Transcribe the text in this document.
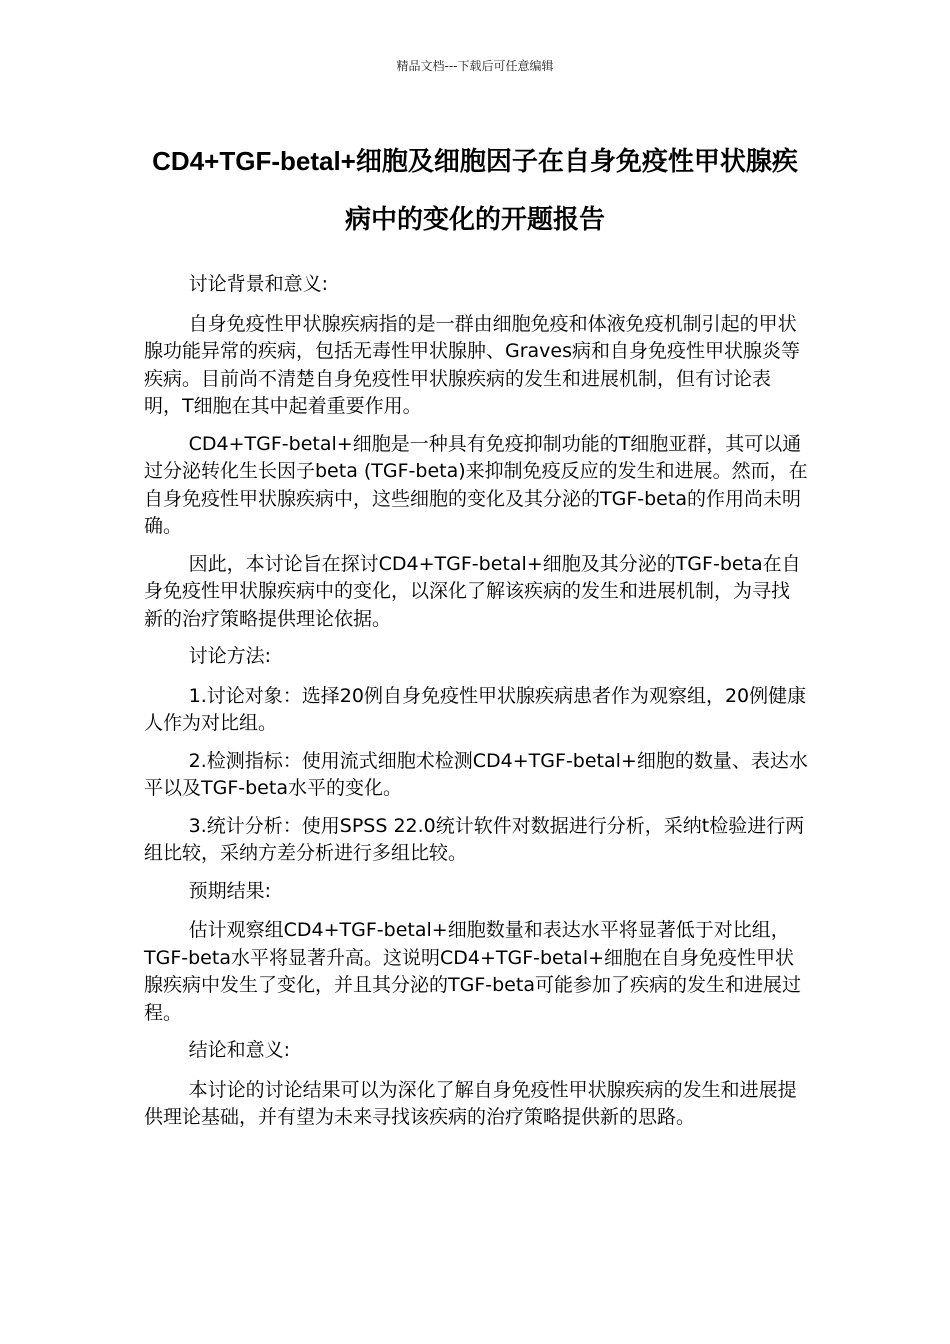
精品文档---下载后可任意编辑
CD4+TGF-betal+细胞及细胞因子在自身免疫性甲状腺疾病中的变化的开题报告

讨论背景和意义:

自身免疫性甲状腺疾病指的是一群由细胞免疫和体液免疫机制引起的甲状腺功能异常的疾病，包括无毒性甲状腺肿、Graves病和自身免疫性甲状腺炎等疾病。目前尚不清楚自身免疫性甲状腺疾病的发生和进展机制，但有讨论表明，T细胞在其中起着重要作用。

CD4+TGF-betal+细胞是一种具有免疫抑制功能的T细胞亚群，其可以通过分泌转化生长因子beta (TGF-beta)来抑制免疫反应的发生和进展。然而，在自身免疫性甲状腺疾病中，这些细胞的变化及其分泌的TGF-beta的作用尚未明确。

因此，本讨论旨在探讨CD4+TGF-betal+细胞及其分泌的TGF-beta在自身免疫性甲状腺疾病中的变化，以深化了解该疾病的发生和进展机制，为寻找新的治疗策略提供理论依据。

讨论方法:

1.讨论对象：选择20例自身免疫性甲状腺疾病患者作为观察组，20例健康人作为对比组。

2.检测指标：使用流式细胞术检测CD4+TGF-betal+细胞的数量、表达水平以及TGF-beta水平的变化。

3.统计分析：使用SPSS 22.0统计软件对数据进行分析，采纳t检验进行两组比较，采纳方差分析进行多组比较。

预期结果:

估计观察组CD4+TGF-betal+细胞数量和表达水平将显著低于对比组，TGF-beta水平将显著升高。这说明CD4+TGF-betal+细胞在自身免疫性甲状腺疾病中发生了变化，并且其分泌的TGF-beta可能参加了疾病的发生和进展过程。

结论和意义:

本讨论的讨论结果可以为深化了解自身免疫性甲状腺疾病的发生和进展提供理论基础，并有望为未来寻找该疾病的治疗策略提供新的思路。
